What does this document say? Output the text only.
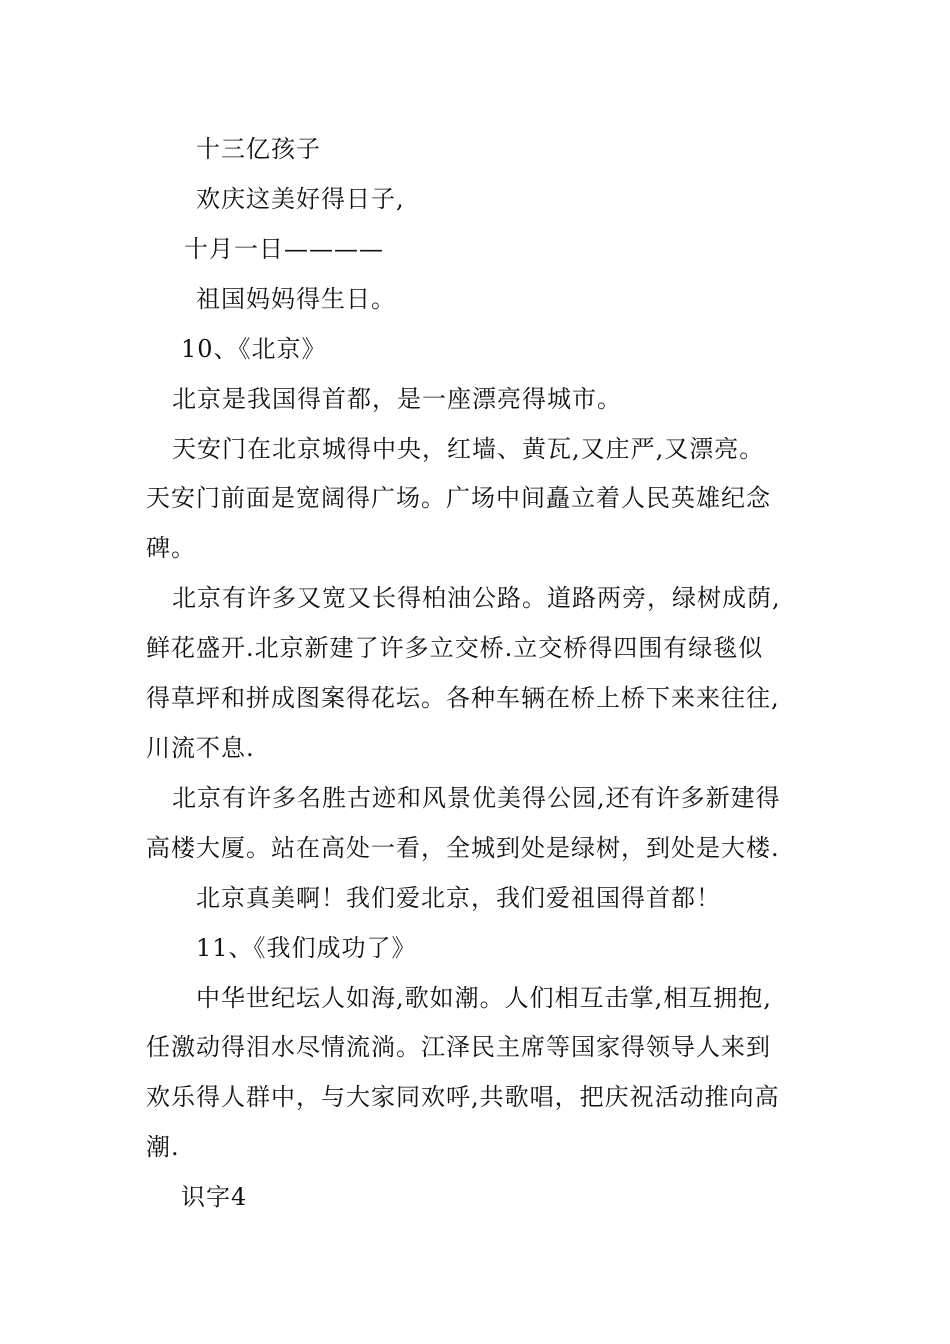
十三亿孩子
欢庆这美好得日子,
十月一日————
祖国妈妈得生日。
10、《北京》
北京是我国得首都，是一座漂亮得城市。
天安门在北京城得中央，红墙、黄瓦,又庄严,又漂亮。
天安门前面是宽阔得广场。广场中间矗立着人民英雄纪念
碑。
北京有许多又宽又长得柏油公路。道路两旁，绿树成荫,
鲜花盛开.北京新建了许多立交桥.立交桥得四围有绿毯似
得草坪和拼成图案得花坛。各种车辆在桥上桥下来来往往,
川流不息.
北京有许多名胜古迹和风景优美得公园,还有许多新建得
高楼大厦。站在高处一看，全城到处是绿树，到处是大楼.
北京真美啊！我们爱北京，我们爱祖国得首都！
11、《我们成功了》
中华世纪坛人如海,歌如潮。人们相互击掌,相互拥抱,
任激动得泪水尽情流淌。江泽民主席等国家得领导人来到
欢乐得人群中，与大家同欢呼,共歌唱，把庆祝活动推向高
潮.
识字4
